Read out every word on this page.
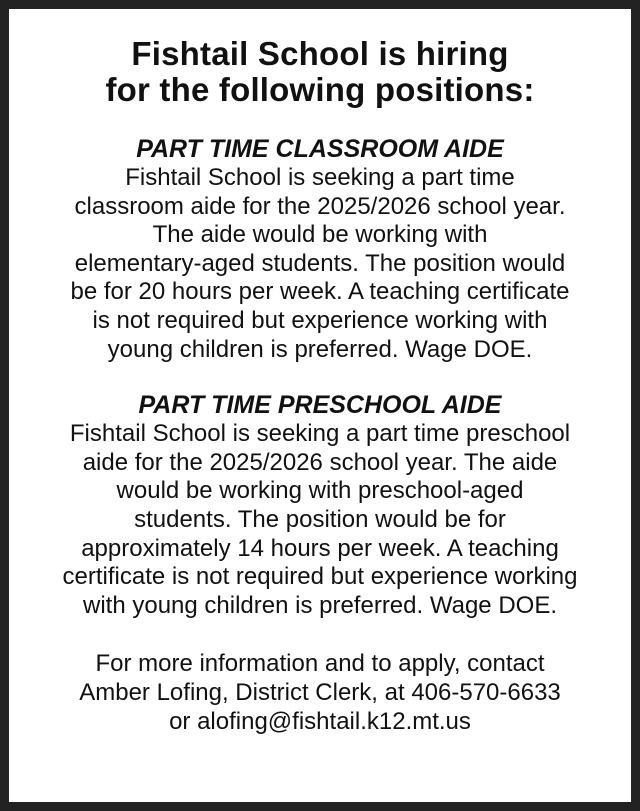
Fishtail School is hiring
for the following positions:

PART TIME CLASSROOM AIDE

Fishtail School is seeking a part time
classroom aide for the 2025/2026 school year.
The aide would be working with
elementary-aged students. The position would
be for 20 hours per week. A teaching certificate
is not required but experience working with
young children is preferred. Wage DOE.

PART TIME PRESCHOOL AIDE

Fishtail School is seeking a part time preschool
aide for the 2025/2026 school year. The aide
would be working with preschool-aged
students. The position would be for
approximately 14 hours per week. A teaching
certificate is not required but experience working
with young children is preferred. Wage DOE.

For more information and to apply, contact
Amber Lofing, District Clerk, at 406-570-6633
or alofing@fishtail.k12.mt.us
